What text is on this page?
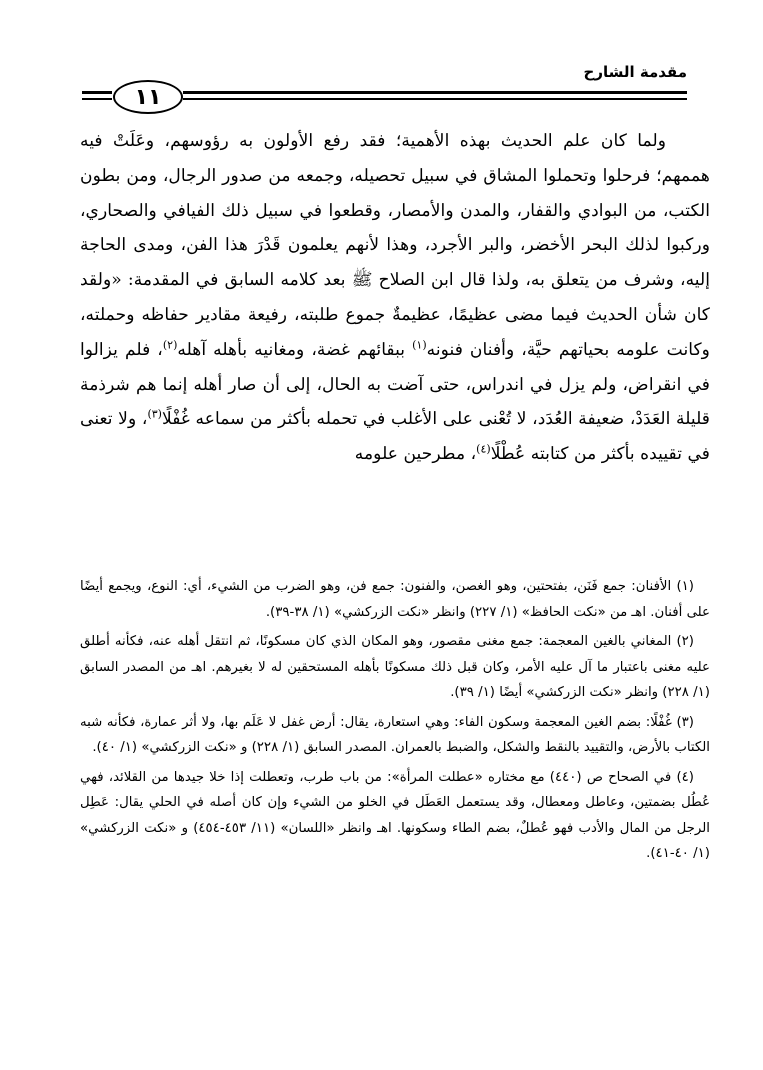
مقدمة الشارح
١١

ولما كان علم الحديث بهذه الأهمية؛ فقد رفع الأولون به رؤوسهم، وعَلَتْ فيه هممهم؛ فرحلوا وتحملوا المشاق في سبيل تحصيله، وجمعه من صدور الرجال، ومن بطون الكتب، من البوادي والقفار، والمدن والأمصار، وقطعوا في سبيل ذلك الفيافي والصحاري، وركبوا لذلك البحر الأخضر، والبر الأجرد، وهذا لأنهم يعلمون قَدْرَ هذا الفن، ومدى الحاجة إليه، وشرف من يتعلق به، ولذا قال ابن الصلاح ﷺ بعد كلامه السابق في المقدمة: «ولقد كان شأن الحديث فيما مضى عظيمًا، عظيمةٌ جموع طلبته، رفيعة مقادير حفاظه وحملته، وكانت علومه بحياتهم حيَّة، وأفنان فنونه$^{(١)}$ ببقائهم غضة، ومغانيه بأهله آهله$^{(٢)}$، فلم يزالوا في انقراض، ولم يزل في اندراس، حتى آضت به الحال، إلى أن صار أهله إنما هم شرذمة قليلة العَدَدْ، ضعيفة العُدَد، لا تُعْنى على الأغلب في تحمله بأكثر من سماعه غُفْلًا$^{(٣)}$، ولا تعنى في تقييده بأكثر من كتابته عُطْلًا$^{(٤)}$، مطرحين علومه

(١) الأفنان: جمع فَنَن، بفتحتين، وهو الغصن، والفنون: جمع فن، وهو الضرب من الشيء، أي: النوع، ويجمع أيضًا على أفنان. اهـ من «نكت الحافظ» (١/ ٢٢٧) وانظر «نكت الزركشي» (١/ ٣٨-٣٩).

(٢) المغاني بالغين المعجمة: جمع مغنى مقصور، وهو المكان الذي كان مسكونًا، ثم انتقل أهله عنه، فكأنه أطلق عليه مغنى باعتبار ما آل عليه الأمر، وكان قبل ذلك مسكونًا بأهله المستحقين له لا بغيرهم. اهـ من المصدر السابق (١/ ٢٢٨) وانظر «نكت الزركشي» أيضًا (١/ ٣٩).

(٣) غُفْلًا: بضم الغين المعجمة وسكون الفاء: وهي استعارة، يقال: أرض غفل لا عَلَم بها، ولا أثر عمارة، فكأنه شبه الكتاب بالأرض، والتقييد بالنقط والشكل، والضبط بالعمران. المصدر السابق (١/ ٢٢٨) و «نكت الزركشي» (١/ ٤٠).

(٤) في الصحاح ص (٤٤٠) مع مختاره «عطلت المرأة»: من باب طرب، وتعطلت إذا خلا جيدها من القلائد، فهي عُطُل بضمتين، وعاطل ومعطال، وقد يستعمل العَطَل في الخلو من الشيء وإن كان أصله في الحلي يقال: عَطِل الرجل من المال والأدب فهو عُطلٌ، بضم الطاء وسكونها. اهـ وانظر «اللسان» (١١/ ٤٥٣-٤٥٤) و «نكت الزركشي» (١/ ٤٠-٤١).
